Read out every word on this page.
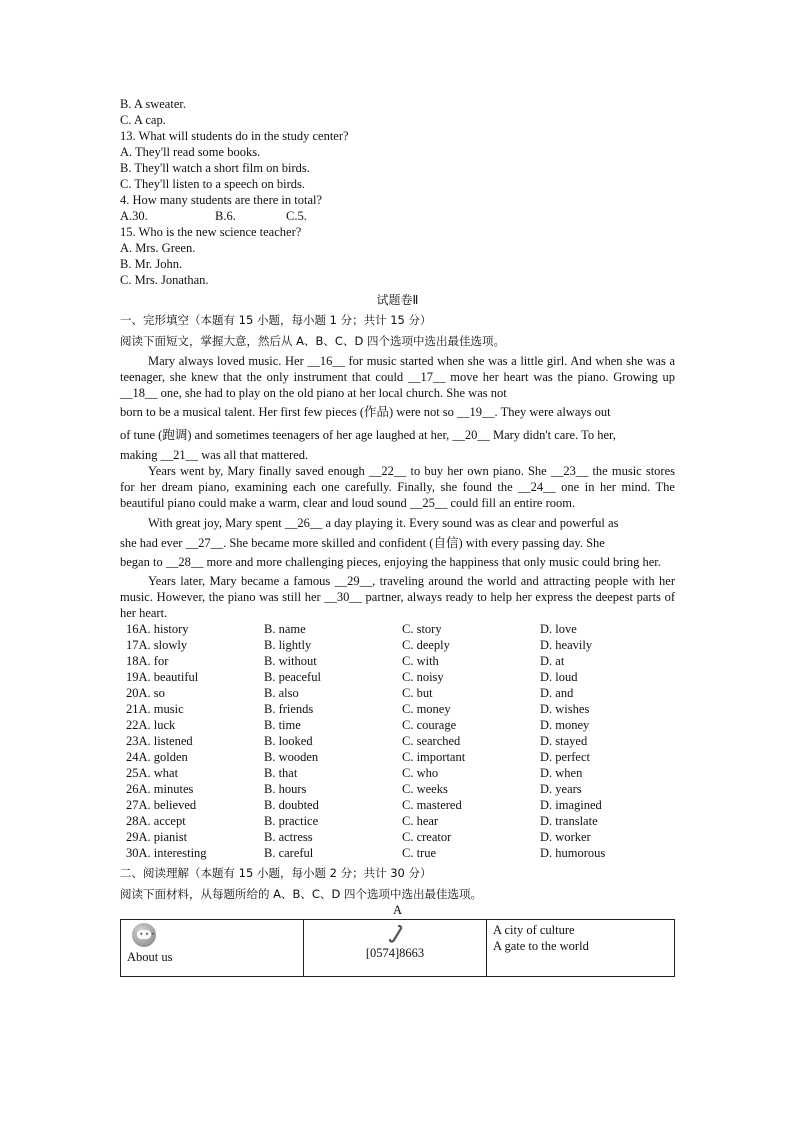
B. A sweater.
C. A cap.
13. What will students do in the study center?
A. They'll read some books.
B. They'll watch a short film on birds.
C. They'll listen to a speech on birds.
4. How many students are there in total?
A.30.	B.6.	C.5.
15. Who is the new science teacher?
A. Mrs. Green.
B. Mr. John.
C. Mrs. Jonathan.
试题卷Ⅱ
一、完形填空（本题有 15 小题，每小题 1 分；共计 15 分）
阅读下面短文，掌握大意，然后从 A、B、C、D 四个选项中选出最佳选项。

Mary always loved music. Her __16__ for music started when she was a little girl. And when she was a teenager, she knew that the only instrument that could __17__ move her heart was the piano. Growing up __18__ one, she had to play on the old piano at her local church. She was not

born to be a musical talent. Her first few pieces (作品) were not so __19__. They were always out
of tune (跑调) and sometimes teenagers of her age laughed at her, __20__ Mary didn't care. To her,
making __21__ was all that mattered.

Years went by, Mary finally saved enough __22__ to buy her own piano. She __23__ the music stores for her dream piano, examining each one carefully. Finally, she found the __24__ one in her mind. The beautiful piano could make a warm, clear and loud sound __25__ could fill an entire room.

With great joy, Mary spent __26__ a day playing it. Every sound was as clear and powerful as

she had ever __27__. She became more skilled and confident (自信) with every passing day. She
began to __28__ more and more challenging pieces, enjoying the happiness that only music could bring her.

Years later, Mary became a famous __29__, traveling around the world and attracting people with her music. However, the piano was still her __30__ partner, always ready to help her express the deepest parts of her heart.

16A. history	B. name	C. story	D. love
17A. slowly	B. lightly	C. deeply	D. heavily
18A. for	B. without	C. with	D. at
19A. beautiful	B. peaceful	C. noisy	D. loud
20A. so	B. also	C. but	D. and
21A. music	B. friends	C. money	D. wishes
22A. luck	B. time	C. courage	D. money
23A. listened	B. looked	C. searched	D. stayed
24A. golden	B. wooden	C. important	D. perfect
25A. what	B. that	C. who	D. when
26A. minutes	B. hours	C. weeks	D. years
27A. believed	B. doubted	C. mastered	D. imagined
28A. accept	B. practice	C. hear	D. translate
29A. pianist	B. actress	C. creator	D. worker
30A. interesting	B. careful	C. true	D. humorous
二、阅读理解（本题有 15 小题，每小题 2 分；共计 30 分）
阅读下面材料，从每题所给的 A、B、C、D 四个选项中选出最佳选项。
A
•••
About us	[0574]8663

A city of culture
A gate to the world
